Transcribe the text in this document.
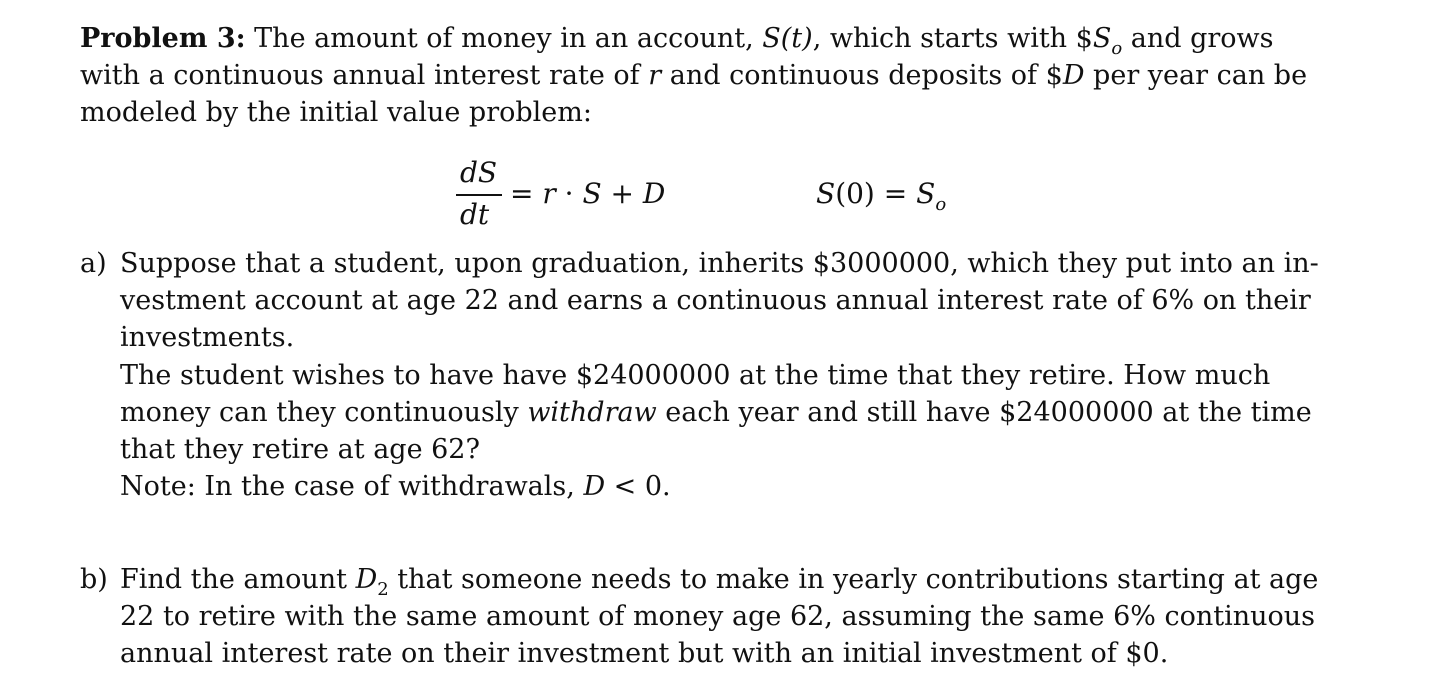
Problem 3: The amount of money in an account, S(t), which starts with $\$S_o$ and grows
with a continuous annual interest rate of r and continuous deposits of $D per year can be
modeled by the initial value problem:
dS
dt
= r · S + D	$S(0) = S_o$
a) Suppose that a student, upon graduation, inherits $3000000, which they put into an in-
vestment account at age 22 and earns a continuous annual interest rate of 6% on their
investments.
The student wishes to have have $24000000 at the time that they retire. How much
money can they continuously withdraw each year and still have $24000000 at the time
that they retire at age 62?
Note: In the case of withdrawals, D < 0.
b) Find the amount $D_2$ that someone needs to make in yearly contributions starting at age
22 to retire with the same amount of money age 62, assuming the same 6% continuous
annual interest rate on their investment but with an initial investment of $0.
